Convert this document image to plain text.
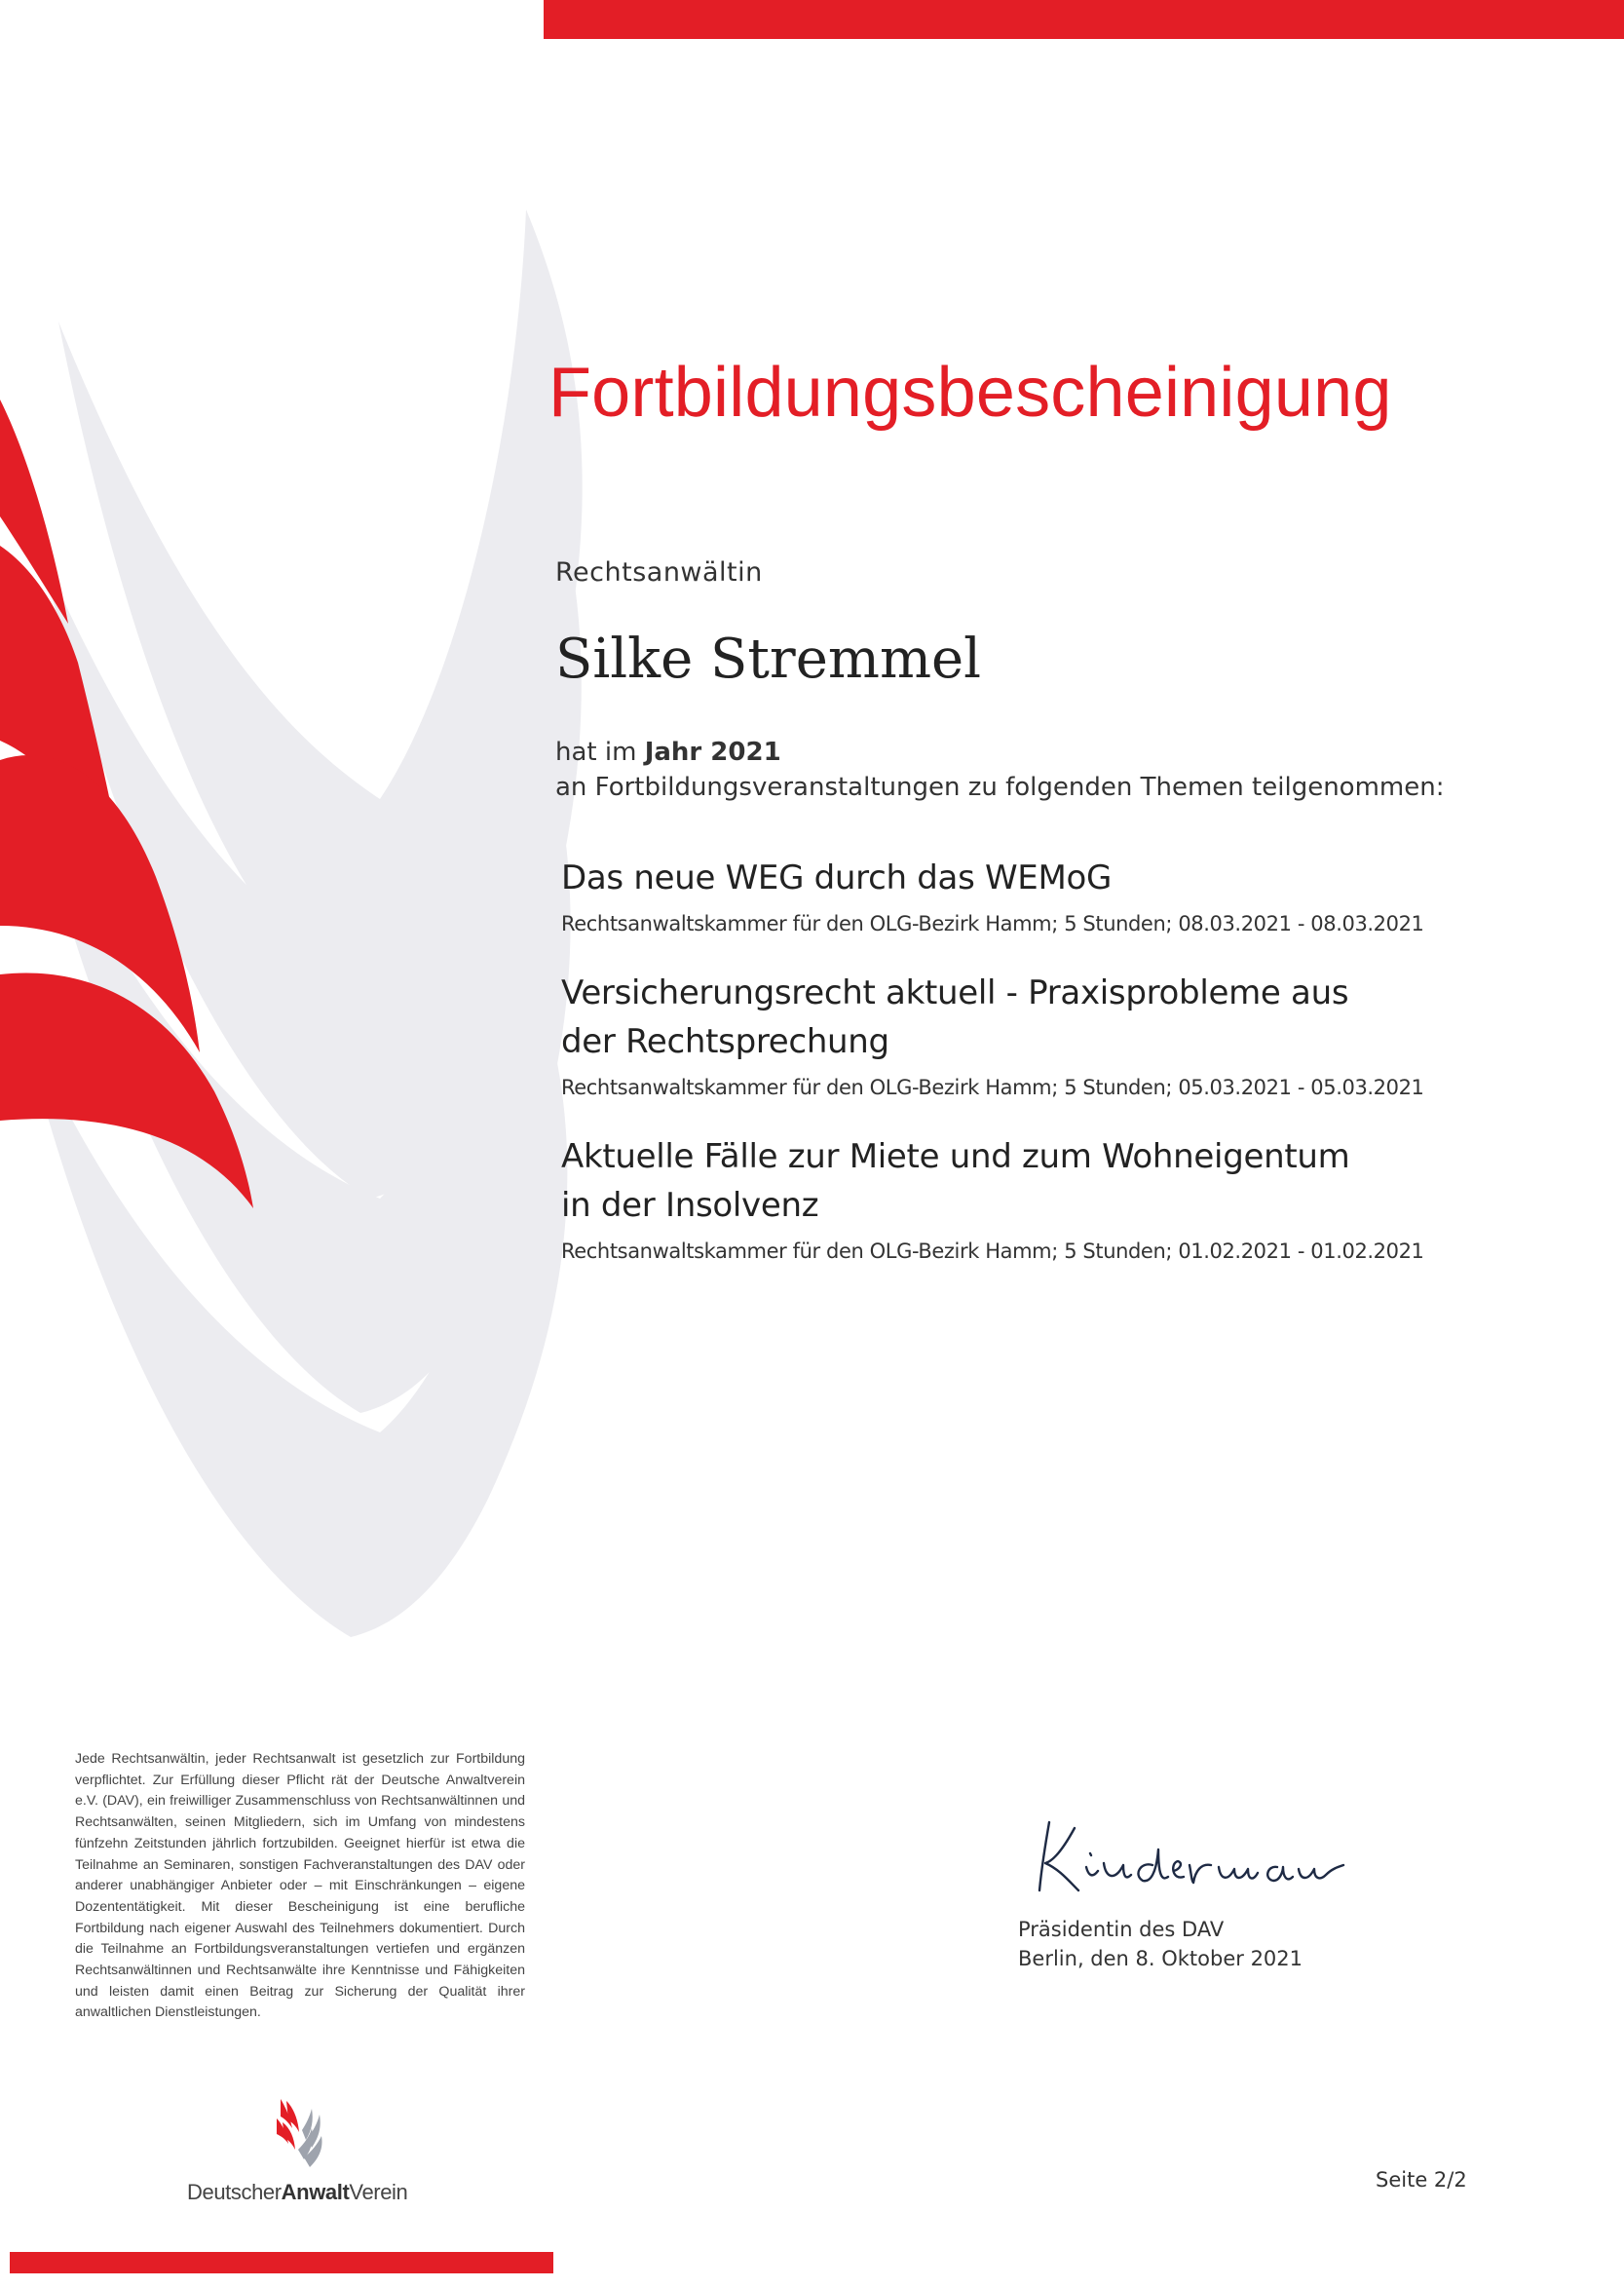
Fortbildungsbescheinigung
Rechtsanwältin
Silke Stremmel
hat im Jahr 2021
an Fortbildungsveranstaltungen zu folgenden Themen teilgenommen:
Das neue WEG durch das WEMoG
Rechtsanwaltskammer für den OLG-Bezirk Hamm; 5 Stunden; 08.03.2021 - 08.03.2021
Versicherungsrecht aktuell - Praxisprobleme aus der Rechtsprechung
Rechtsanwaltskammer für den OLG-Bezirk Hamm; 5 Stunden; 05.03.2021 - 05.03.2021
Aktuelle Fälle zur Miete und zum Wohneigentum in der Insolvenz
Rechtsanwaltskammer für den OLG-Bezirk Hamm; 5 Stunden; 01.02.2021 - 01.02.2021
Jede Rechtsanwältin, jeder Rechtsanwalt ist gesetzlich zur Fortbildung verpflichtet. Zur Erfüllung dieser Pflicht rät der Deutsche Anwaltverein e.V. (DAV), ein freiwilliger Zusammenschluss von Rechtsanwältinnen und Rechtsanwälten, seinen Mitgliedern, sich im Umfang von mindestens fünfzehn Zeitstunden jährlich fortzubilden. Geeignet hierfür ist etwa die Teilnahme an Seminaren, sonstigen Fachveranstaltungen des DAV oder anderer unabhängiger Anbieter oder – mit Einschränkungen – eigene Dozententätigkeit. Mit dieser Bescheinigung ist eine berufliche Fortbildung nach eigener Auswahl des Teilnehmers dokumentiert. Durch die Teilnahme an Fortbildungsveranstaltungen vertiefen und ergänzen Rechtsanwältinnen und Rechtsanwälte ihre Kenntnisse und Fähigkeiten und leisten damit einen Beitrag zur Sicherung der Qualität ihrer anwaltlichen Dienstleistungen.
Präsidentin des DAV
Berlin, den 8. Oktober 2021
DeutscherAnwaltVerein	Seite 2/2
